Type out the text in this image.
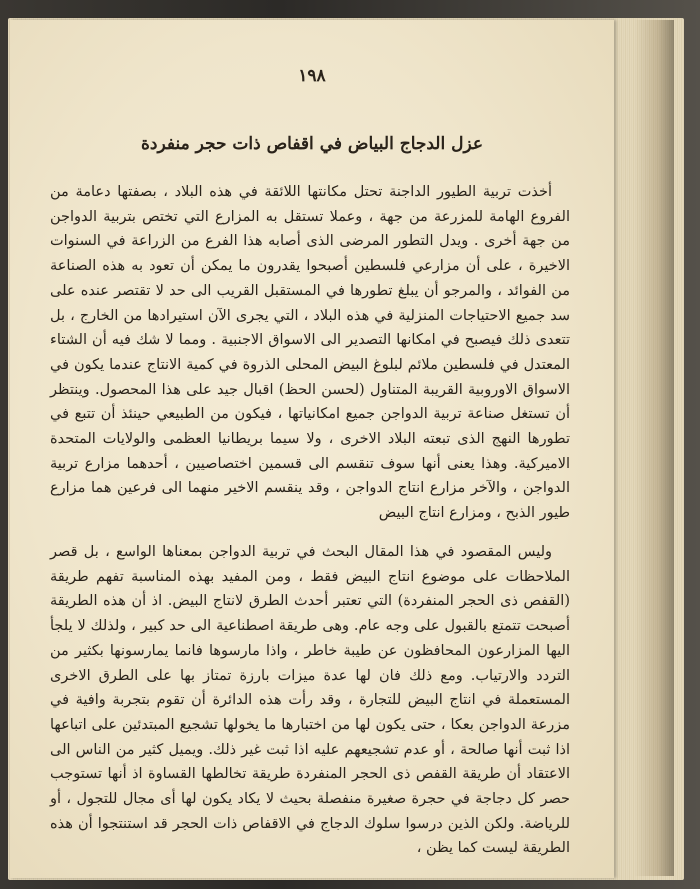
١٩٨
عزل الدجاج البياض في اقفاص ذات حجر منفردة

أخذت تربية الطيور الداجنة تحتل مكانتها اللائقة في هذه البلاد ، بصفتها دعامة من الفروع الهامة للمزرعة من جهة ، وعملا تستقل به المزارع التي تختص بتربية الدواجن من جهة أخرى . ويدل التطور المرضى الذى أصابه هذا الفرع من الزراعة في السنوات الاخيرة ، على أن مزارعي فلسطين أصبحوا يقدرون ما يمكن أن تعود به هذه الصناعة من الفوائد ، والمرجو أن يبلغ تطورها في المستقبل القريب الى حد لا تقتصر عنده على سد جميع الاحتياجات المنزلية في هذه البلاد ، التي يجرى الآن استيرادها من الخارج ، بل تتعدى ذلك فيصبح في امكانها التصدير الى الاسواق الاجنبية . ومما لا شك فيه أن الشتاء المعتدل في فلسطين ملائم لبلوغ البيض المحلى الذروة في كمية الانتاج عندما يكون في الاسواق الاوروبية القريبة المتناول (لحسن الحظ) اقبال جيد على هذا المحصول. وينتظر أن تستغل صناعة تربية الدواجن جميع امكانياتها ، فيكون من الطبيعي حينئذ أن تتبع في تطورها النهج الذى تبعته البلاد الاخرى ، ولا سيما بريطانيا العظمى والولايات المتحدة الاميركية. وهذا يعنى أنها سوف تنقسم الى قسمين اختصاصيين ، أحدهما مزارع تربية الدواجن ، والآخر مزارع انتاج الدواجن ، وقد ينقسم الاخير منهما الى فرعين هما مزارع طيور الذبح ، ومزارع انتاج البيض

وليس المقصود في هذا المقال البحث في تربية الدواجن بمعناها الواسع ، بل قصر الملاحظات على موضوع انتاج البيض فقط ، ومن المفيد بهذه المناسبة تفهم طريقة (القفص ذى الحجر المنفردة) التي تعتبر أحدث الطرق لانتاج البيض. اذ أن هذه الطريقة أصبحت تتمتع بالقبول على وجه عام. وهى طريقة اصطناعية الى حد كبير ، ولذلك لا يلجأ اليها المزارعون المحافظون عن طيبة خاطر ، واذا مارسوها فانما يمارسونها بكثير من التردد والارتياب. ومع ذلك فان لها عدة ميزات بارزة تمتاز بها على الطرق الاخرى المستعملة في انتاج البيض للتجارة ، وقد رأت هذه الدائرة أن تقوم بتجربة وافية في مزرعة الدواجن بعكا ، حتى يكون لها من اختبارها ما يخولها تشجيع المبتدئين على اتباعها اذا ثبت أنها صالحة ، أو عدم تشجيعهم عليه اذا ثبت غير ذلك. ويميل كثير من الناس الى الاعتقاد أن طريقة القفص ذى الحجر المنفردة طريقة تخالطها القساوة اذ أنها تستوجب حصر كل دجاجة في حجرة صغيرة منفصلة بحيث لا يكاد يكون لها أى مجال للتجول ، أو للرياضة. ولكن الذين درسوا سلوك الدجاج في الاقفاص ذات الحجر قد استنتجوا أن هذه الطريقة ليست كما يظن ،
